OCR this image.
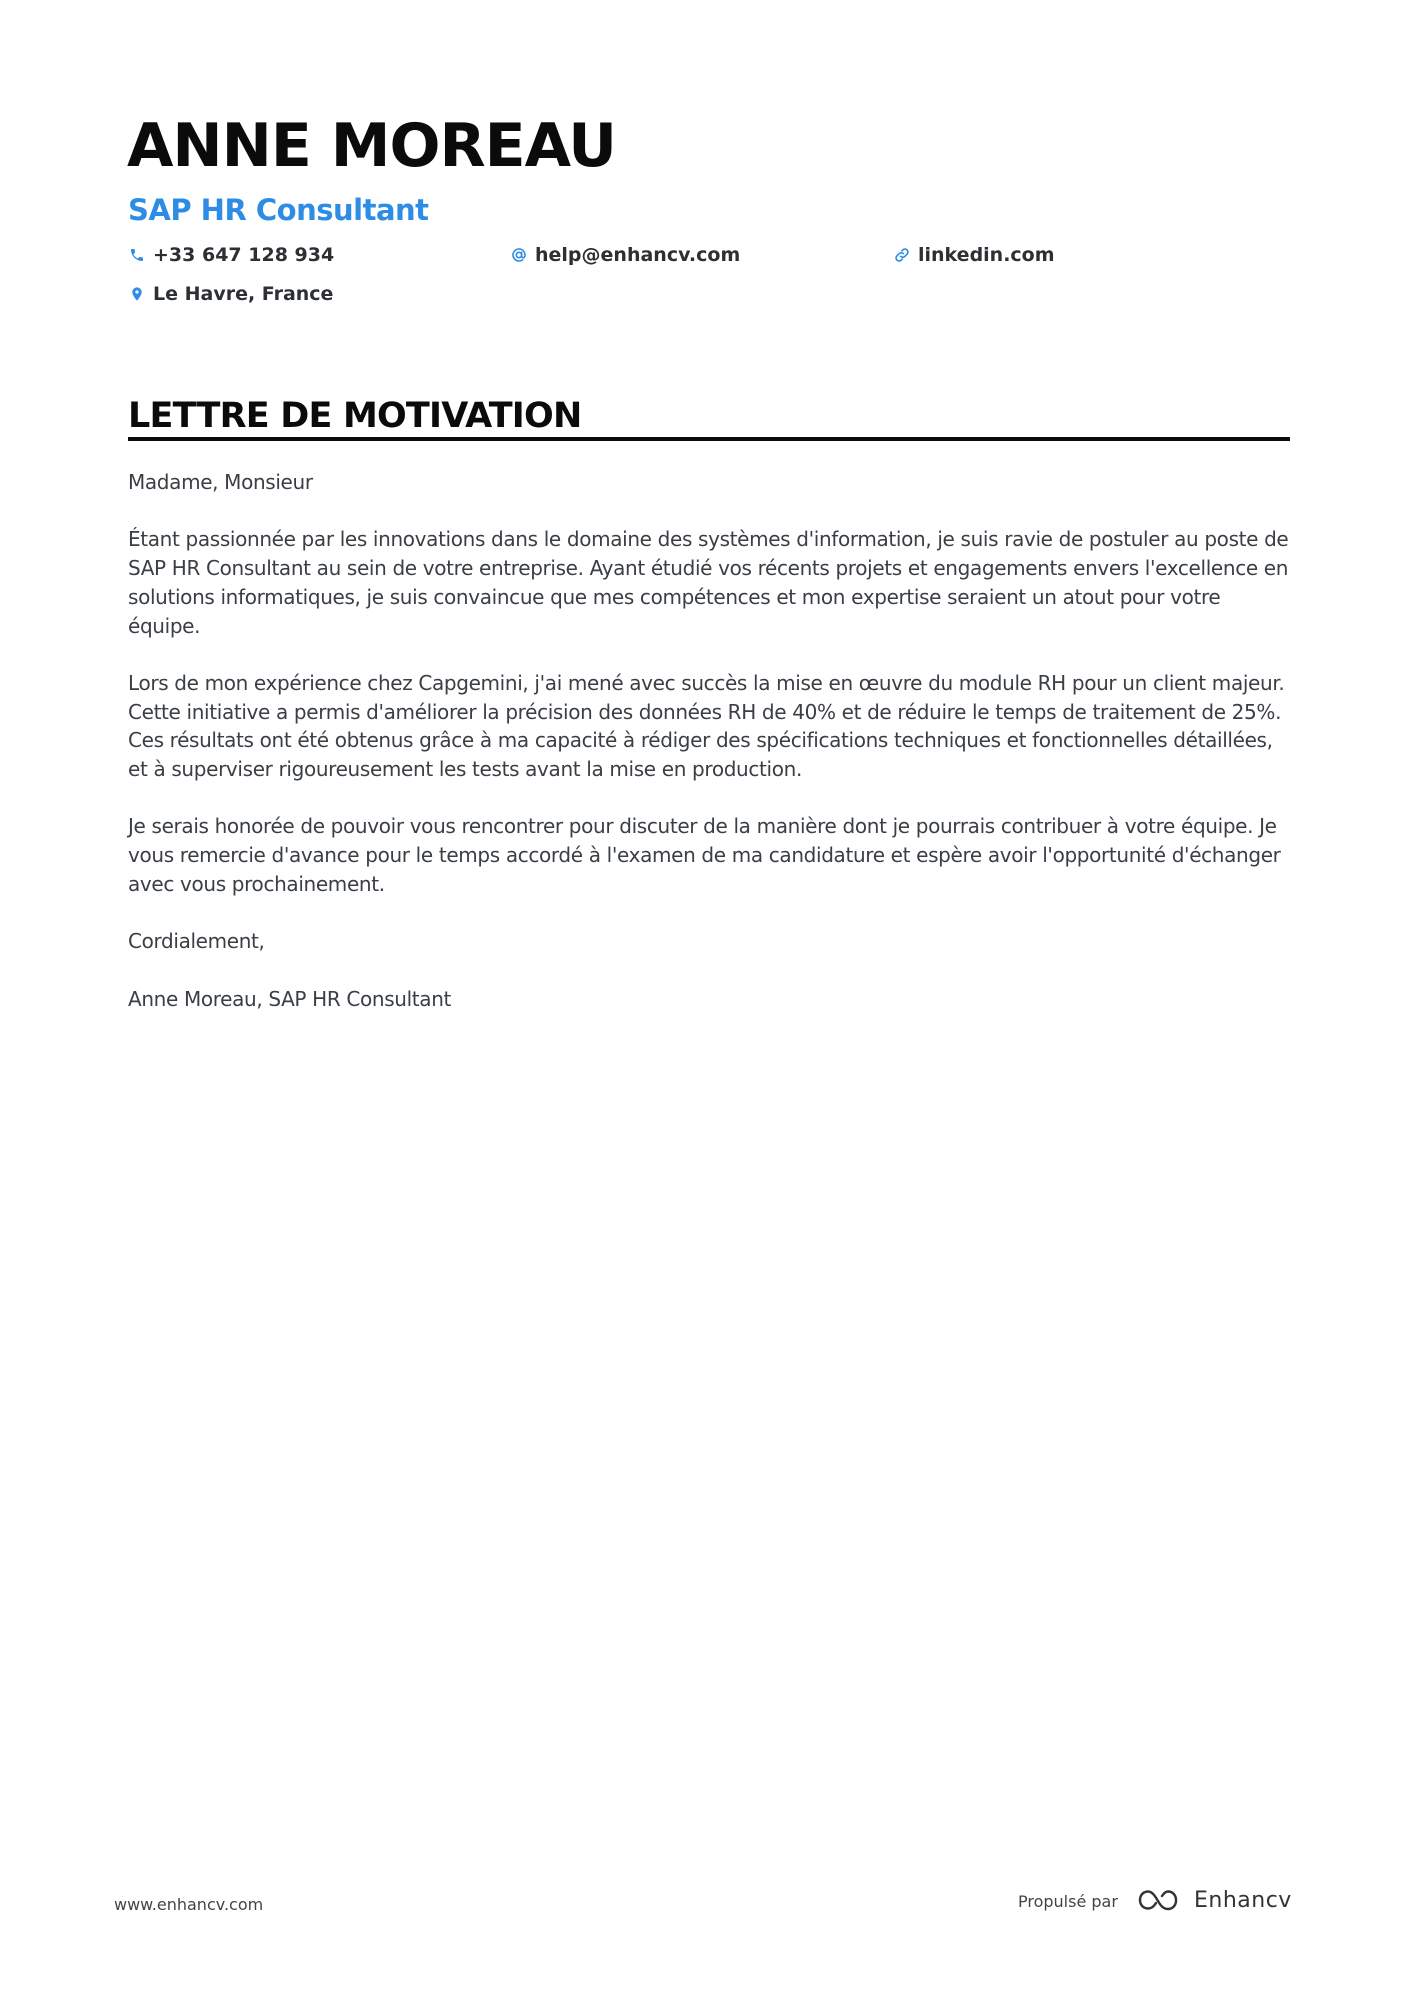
ANNE MOREAU
SAP HR Consultant
+33 647 128 934	help@enhancv.com	linkedin.com
Le Havre, France
LETTRE DE MOTIVATION

Madame, Monsieur

Étant passionnée par les innovations dans le domaine des systèmes d'information, je suis ravie de postuler au poste de SAP HR Consultant au sein de votre entreprise. Ayant étudié vos récents projets et engagements envers l'excellence en solutions informatiques, je suis convaincue que mes compétences et mon expertise seraient un atout pour votre équipe.

Lors de mon expérience chez Capgemini, j'ai mené avec succès la mise en œuvre du module RH pour un client majeur. Cette initiative a permis d'améliorer la précision des données RH de 40% et de réduire le temps de traitement de 25%. Ces résultats ont été obtenus grâce à ma capacité à rédiger des spécifications techniques et fonctionnelles détaillées, et à superviser rigoureusement les tests avant la mise en production.

Je serais honorée de pouvoir vous rencontrer pour discuter de la manière dont je pourrais contribuer à votre équipe. Je vous remercie d'avance pour le temps accordé à l'examen de ma candidature et espère avoir l'opportunité d'échanger avec vous prochainement.

Cordialement,

Anne Moreau, SAP HR Consultant

www.enhancv.com	Propulsé par	Enhancv
